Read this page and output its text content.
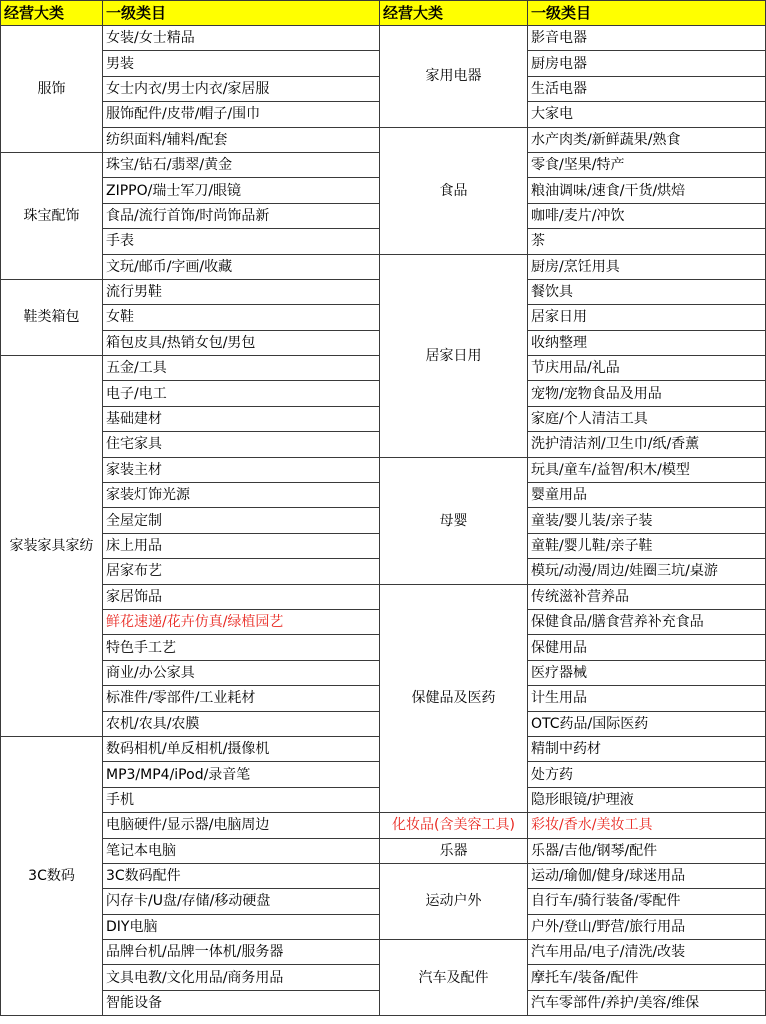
经营大类	一级类目	经营大类	一级类目
服饰	女装/女士精品	家用电器	影音电器
	男装		厨房电器
	女士内衣/男士内衣/家居服		生活电器
	服饰配件/皮带/帽子/围巾		大家电
	纺织面料/辅料/配套	食品	水产肉类/新鲜蔬果/熟食
珠宝配饰	珠宝/钻石/翡翠/黄金		零食/坚果/特产
	ZIPPO/瑞士军刀/眼镜		粮油调味/速食/干货/烘焙
	食品/流行首饰/时尚饰品新		咖啡/麦片/冲饮
	手表		茶
	文玩/邮币/字画/收藏	居家日用	厨房/烹饪用具
鞋类箱包	流行男鞋		餐饮具
	女鞋		居家日用
	箱包皮具/热销女包/男包		收纳整理
家装家具家纺	五金/工具		节庆用品/礼品
	电子/电工		宠物/宠物食品及用品
	基础建材		家庭/个人清洁工具
	住宅家具		洗护清洁剂/卫生巾/纸/香薰
	家装主材	母婴	玩具/童车/益智/积木/模型
	家装灯饰光源		婴童用品
	全屋定制		童装/婴儿装/亲子装
	床上用品		童鞋/婴儿鞋/亲子鞋
	居家布艺		模玩/动漫/周边/娃圈三坑/桌游
	家居饰品	保健品及医药	传统滋补营养品
	鲜花速递/花卉仿真/绿植园艺		保健食品/膳食营养补充食品
	特色手工艺		保健用品
	商业/办公家具		医疗器械
	标准件/零部件/工业耗材		计生用品
	农机/农具/农膜		OTC药品/国际医药
3C数码	数码相机/单反相机/摄像机		精制中药材
	MP3/MP4/iPod/录音笔		处方药
	手机		隐形眼镜/护理液
	电脑硬件/显示器/电脑周边	化妆品(含美容工具)	彩妆/香水/美妆工具
	笔记本电脑	乐器	乐器/吉他/钢琴/配件
	3C数码配件	运动户外	运动/瑜伽/健身/球迷用品
	闪存卡/U盘/存储/移动硬盘		自行车/骑行装备/零配件
	DIY电脑		户外/登山/野营/旅行用品
	品牌台机/品牌一体机/服务器	汽车及配件	汽车用品/电子/清洗/改装
	文具电教/文化用品/商务用品		摩托车/装备/配件
	智能设备		汽车零部件/养护/美容/维保
